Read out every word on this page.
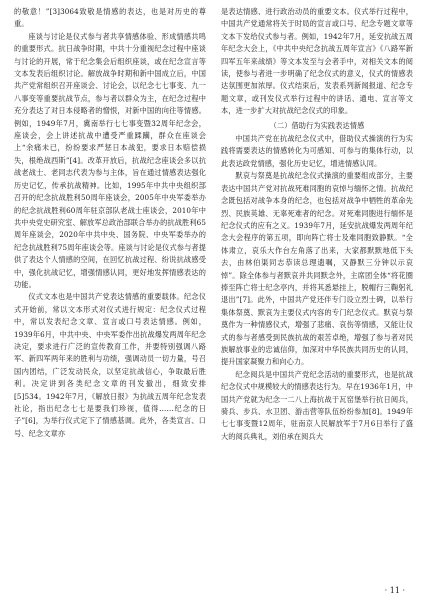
的敬意！”[3]3064致敬是情感的表达，也是对历史的尊重。

座谈与讨论是仪式参与者共享情感体验、形成情感共鸣的重要形式。抗日战争时期，中共十分重视纪念过程中座谈与讨论的开展，常于纪念集会后组织座谈，或在纪念宣言等文本发表后组织讨论。解放战争时期和新中国成立后，中国共产党常组织召开座谈会、讨论会，以纪念七七事变、九一八事变等重要抗战节点，参与者以群众为主，在纪念过程中充分表达了对日本侵略者的憎恨，对新中国的向往等情感。例如，1949年7月，冀南举行七七事变暨32周年纪念会，座谈会，会上讲述抗战中遭受严重蹂躏，群众在座谈会上“余痛未已，纷纷要求严惩日本战犯，要求日本赔偿损失，根绝战西斯”[4]。改革开放后，抗战纪念座谈会多以抗战老战士、老同志代表为参与主体，旨在通过情感表达强化历史记忆，传承抗战精神。比如，1995年中共中央组织部召开的纪念抗战胜利50周年座谈会，2005年中央军委举办的纪念抗战胜利60周年驻京部队老战士座谈会，2010年中共中央党史研究室、解放军总政治部联合举办的抗战胜利65周年座谈会，2020年中共中央、国务院、中央军委举办的纪念抗战胜利75周年座谈会等。座谈与讨论是仪式参与者提供了表达个人情感的空间，在回忆抗战过程、纷说抗战感受中，强化抗战记忆，增强情感认同，更好地发挥情感表达的功能。

仪式文本也是中国共产党表达情感的重要载体。纪念仪式开始前，常以文本形式对仪式进行规定：纪念仪式过程中，常以发表纪念文章、宣言或口号表达情感。例如，1939年6月，中共中央、中央军委作出抗战爆发两周年纪念决定，要求进行广泛的宣传教育工作，并要特别强调八路军、新四军两年来的胜利与功绩，强调动员一切力量，号召国内团结，广泛发动民众，以坚定抗战信心，争取最后胜利。决定讲到各类纪念文章的刊发撤出，细致安排[5]534。1942年7月，《解放日报》为抗战五周年纪念发表社论，指出纪念七七是要我们珍视，值得……纪念的日子”[6]，为举行仪式定下了情感基调。此外，各类宣言、口号、纪念文章亦

是表达情感、进行政治动员的重要文本。仪式举行过程中，中国共产党通常将关于时局的宣言或口号、纪念专题文章等文本下发给仪式参与者。例如，1942年7月，延安抗战五周年纪念大会上，《中共中央纪念抗战五周年宣言》《八路军新四军五年来战绩》等文本发至与会者手中，对相关文本的阅读，使参与者进一步明确了纪念仪式的意义，仪式的情感表达氛围更加浓厚。仪式结束后，发表系列新闻报道、纪念专题文章，或刊发仪式举行过程中的讲话、通电、宣言等文本，进一步扩大对抗战纪念仪式的印象。

（二）借助行为实践表达情感

中国共产党在抗战纪念仪式中，借助仪式操演的行为实践将需要表达的情感转化为可感知、可参与的集体行动，以此表达政党情感，强化历史记忆，增进情感认同。

默哀与祭奠是抗战纪念仪式操演的重要组成部分，主要表达中国共产党对抗战死难同胞的哀悼与缅怀之情。抗战纪念既包括对战争本身的纪念，也包括对战争中牺牲的革命先烈、民族英雄、无辜死难者的纪念。对死难同胞进行缅怀是纪念仪式的应有之义。1939年7月，延安抗战爆发两周年纪念大会程序的第五项，即向阵亡将士及难同胞致静默。“全体肃立，哀乐大作台左角落了出来，大家都默默地低下头去，由林伯渠同志恭读总理遗嘱，又静默三分钟以示哀悼”。除全体参与者默哀并共同默念外，主席团全体“将花圈捧至阵亡将士纪念亭内，并将其悉悬挂上，脱帽行三鞠躬礼退出”[7]。此外，中国共产党还伴专门设立烈士碑，以举行集体祭奠、默哀为主要仪式内容的专门纪念仪式。默哀与祭奠作为一种情感仪式，增强了悲痛、哀伤等情感，又能让仪式的参与者感受到民族抗战的艰苦卓绝，增强了参与者对民族解放事业的忠诚信仰，加深对中华民族共同历史的认同，提升国家凝聚力和向心力。

纪念阅兵是中国共产党纪念活动的重要形式，也是抗战纪念仪式中规模较大的情感表达行为。早在1936年1月，中国共产党就为纪念一二八上海抗战于瓦窑堡举行抗日阅兵，骑兵、步兵、水卫团、游击营等队伍纷纷参加[8]。1949年七七事变暨12周年，驻南京人民解放军于7月6日举行了盛大的阅兵典礼，刘伯承在阅兵大

· 11 ·
